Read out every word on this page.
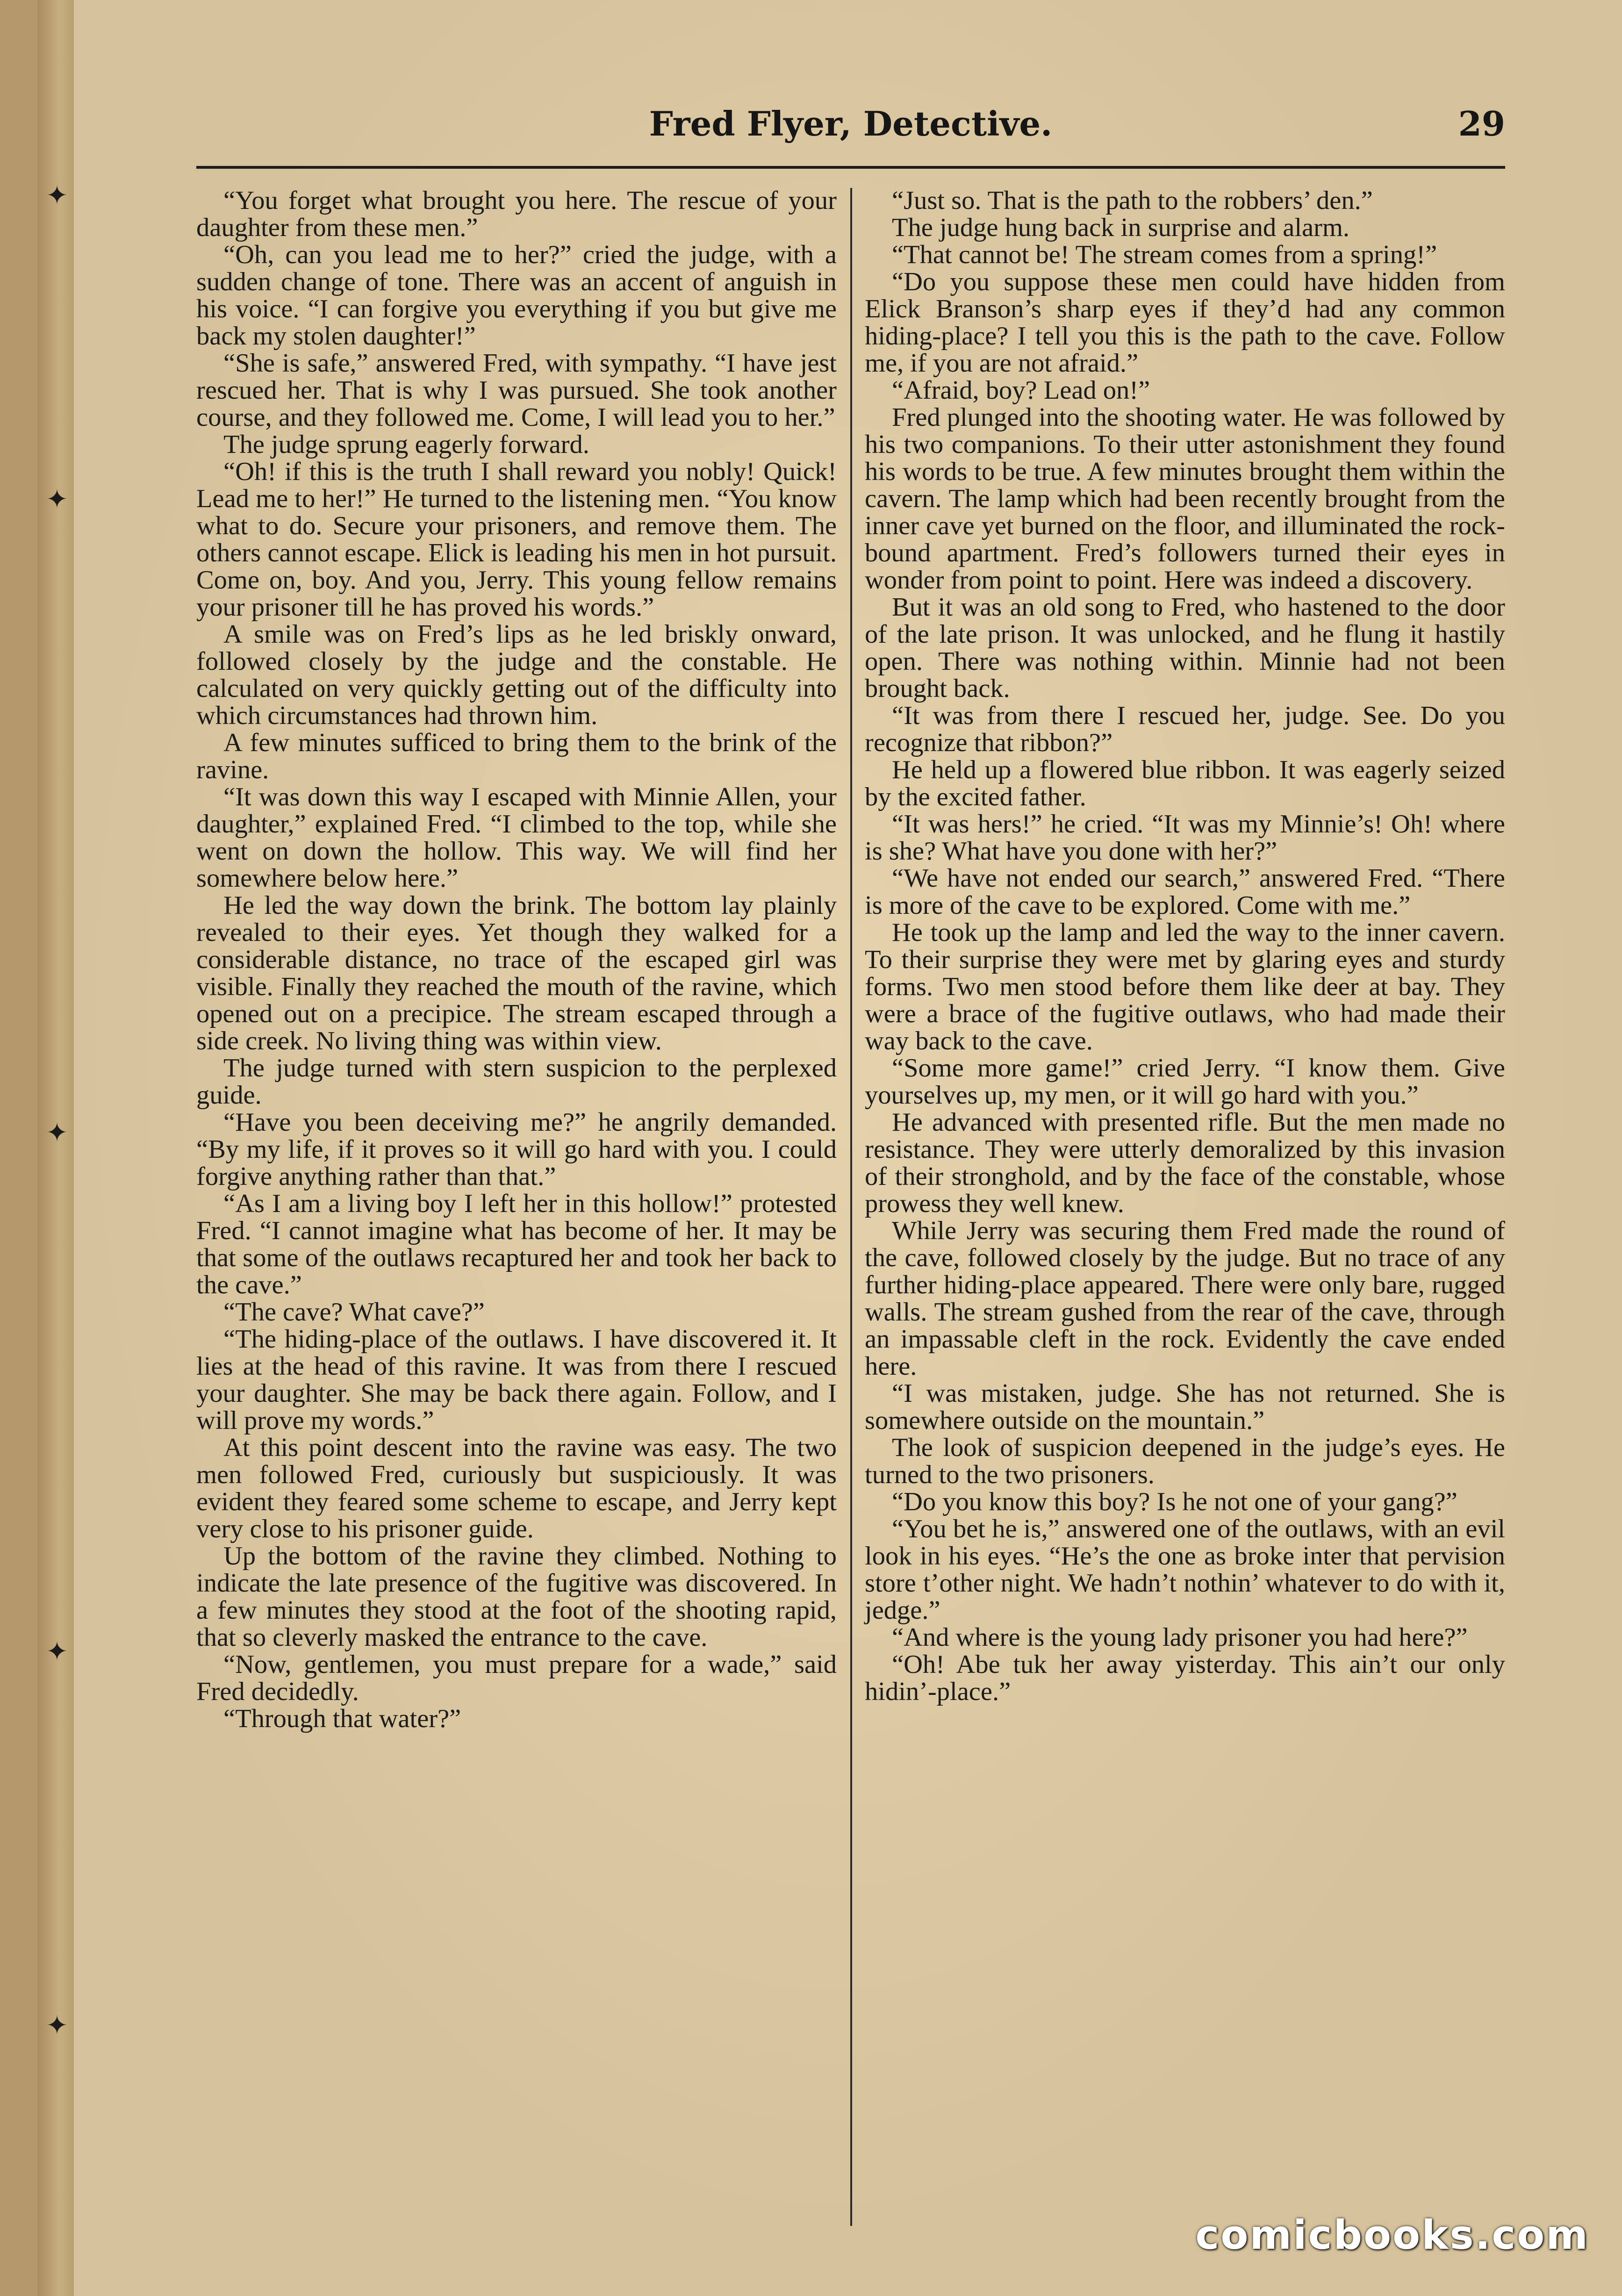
✦
✦
✦
✦
✦
Fred Flyer, Detective.	29

“You forget what brought you here. The rescue of your daughter from these men.”

“Oh, can you lead me to her?” cried the judge, with a sudden change of tone. There was an accent of anguish in his voice. “I can forgive you everything if you but give me back my stolen daughter!”

“She is safe,” answered Fred, with sympathy. “I have jest rescued her. That is why I was pursued. She took another course, and they followed me. Come, I will lead you to her.”

The judge sprung eagerly forward.

“Oh! if this is the truth I shall reward you nobly! Quick! Lead me to her!” He turned to the listening men. “You know what to do. Secure your prisoners, and remove them. The others cannot escape. Elick is leading his men in hot pursuit. Come on, boy. And you, Jerry. This young fellow remains your prisoner till he has proved his words.”

A smile was on Fred’s lips as he led briskly onward, followed closely by the judge and the constable. He calculated on very quickly getting out of the difficulty into which circumstances had thrown him.

A few minutes sufficed to bring them to the brink of the ravine.

“It was down this way I escaped with Minnie Allen, your daughter,” explained Fred. “I climbed to the top, while she went on down the hollow. This way. We will find her somewhere below here.”

He led the way down the brink. The bottom lay plainly revealed to their eyes. Yet though they walked for a considerable distance, no trace of the escaped girl was visible. Finally they reached the mouth of the ravine, which opened out on a precipice. The stream escaped through a side creek. No living thing was within view.

The judge turned with stern suspicion to the perplexed guide.

“Have you been deceiving me?” he angrily demanded. “By my life, if it proves so it will go hard with you. I could forgive anything rather than that.”

“As I am a living boy I left her in this hollow!” protested Fred. “I cannot imagine what has become of her. It may be that some of the outlaws recaptured her and took her back to the cave.”

“The cave? What cave?”

“The hiding-place of the outlaws. I have discovered it. It lies at the head of this ravine. It was from there I rescued your daughter. She may be back there again. Follow, and I will prove my words.”

At this point descent into the ravine was easy. The two men followed Fred, curiously but suspiciously. It was evident they feared some scheme to escape, and Jerry kept very close to his prisoner guide.

Up the bottom of the ravine they climbed. Nothing to indicate the late presence of the fugitive was discovered. In a few minutes they stood at the foot of the shooting rapid, that so cleverly masked the entrance to the cave.

“Now, gentlemen, you must prepare for a wade,” said Fred decidedly.

“Through that water?”

“Just so. That is the path to the robbers’ den.”

The judge hung back in surprise and alarm.

“That cannot be! The stream comes from a spring!”

“Do you suppose these men could have hidden from Elick Branson’s sharp eyes if they’d had any common hiding-place? I tell you this is the path to the cave. Follow me, if you are not afraid.”

“Afraid, boy? Lead on!”

Fred plunged into the shooting water. He was followed by his two companions. To their utter astonishment they found his words to be true. A few minutes brought them within the cavern. The lamp which had been recently brought from the inner cave yet burned on the floor, and illuminated the rock-bound apartment. Fred’s followers turned their eyes in wonder from point to point. Here was indeed a discovery.

But it was an old song to Fred, who hastened to the door of the late prison. It was unlocked, and he flung it hastily open. There was nothing within. Minnie had not been brought back.

“It was from there I rescued her, judge. See. Do you recognize that ribbon?”

He held up a flowered blue ribbon. It was eagerly seized by the excited father.

“It was hers!” he cried. “It was my Minnie’s! Oh! where is she? What have you done with her?”

“We have not ended our search,” answered Fred. “There is more of the cave to be explored. Come with me.”

He took up the lamp and led the way to the inner cavern. To their surprise they were met by glaring eyes and sturdy forms. Two men stood before them like deer at bay. They were a brace of the fugitive outlaws, who had made their way back to the cave.

“Some more game!” cried Jerry. “I know them. Give yourselves up, my men, or it will go hard with you.”

He advanced with presented rifle. But the men made no resistance. They were utterly demoralized by this invasion of their stronghold, and by the face of the constable, whose prowess they well knew.

While Jerry was securing them Fred made the round of the cave, followed closely by the judge. But no trace of any further hiding-place appeared. There were only bare, rugged walls. The stream gushed from the rear of the cave, through an impassable cleft in the rock. Evidently the cave ended here.

“I was mistaken, judge. She has not returned. She is somewhere outside on the mountain.”

The look of suspicion deepened in the judge’s eyes. He turned to the two prisoners.

“Do you know this boy? Is he not one of your gang?”

“You bet he is,” answered one of the outlaws, with an evil look in his eyes. “He’s the one as broke inter that pervision store t’other night. We hadn’t nothin’ whatever to do with it, jedge.”

“And where is the young lady prisoner you had here?”

“Oh! Abe tuk her away yisterday. This ain’t our only hidin’-place.”

comicbooks.com
